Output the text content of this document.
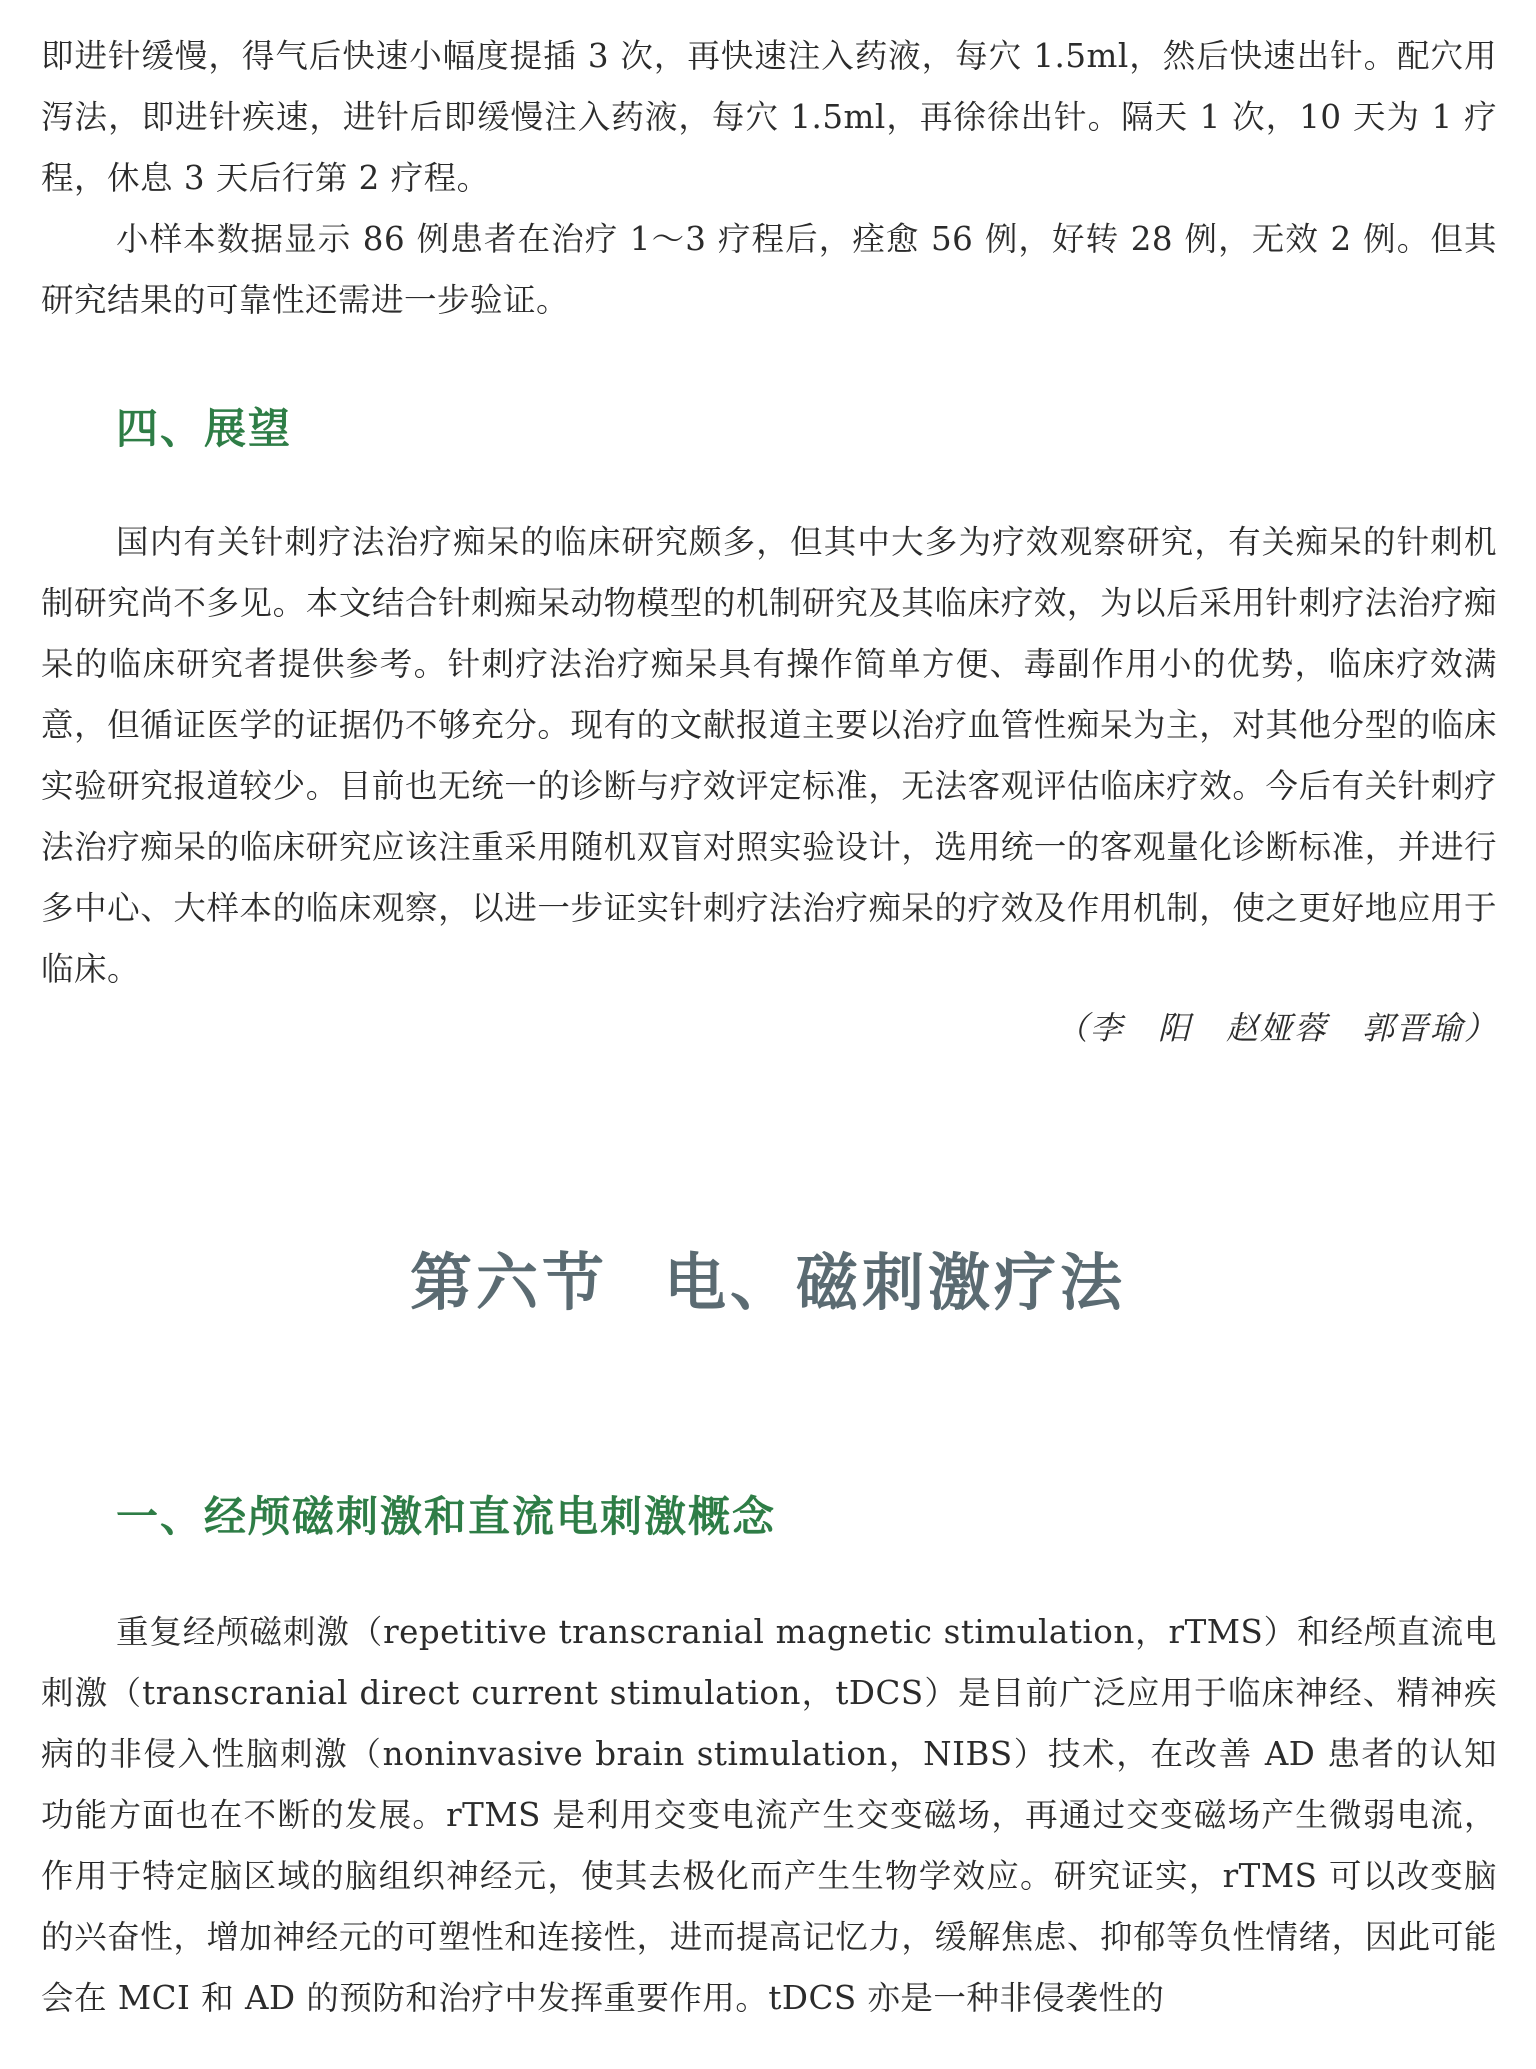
即进针缓慢，得气后快速小幅度提插 3 次，再快速注入药液，每穴 1.5ml，然后快速出针。配穴用泻法，即进针疾速，进针后即缓慢注入药液，每穴 1.5ml，再徐徐出针。隔天 1 次，10 天为 1 疗程，休息 3 天后行第 2 疗程。

小样本数据显示 86 例患者在治疗 1～3 疗程后，痊愈 56 例，好转 28 例，无效 2 例。但其研究结果的可靠性还需进一步验证。

四、展望

国内有关针刺疗法治疗痴呆的临床研究颇多，但其中大多为疗效观察研究，有关痴呆的针刺机制研究尚不多见。本文结合针刺痴呆动物模型的机制研究及其临床疗效，为以后采用针刺疗法治疗痴呆的临床研究者提供参考。针刺疗法治疗痴呆具有操作简单方便、毒副作用小的优势，临床疗效满意，但循证医学的证据仍不够充分。现有的文献报道主要以治疗血管性痴呆为主，对其他分型的临床实验研究报道较少。目前也无统一的诊断与疗效评定标准，无法客观评估临床疗效。今后有关针刺疗法治疗痴呆的临床研究应该注重采用随机双盲对照实验设计，选用统一的客观量化诊断标准，并进行多中心、大样本的临床观察，以进一步证实针刺疗法治疗痴呆的疗效及作用机制，使之更好地应用于临床。

（李　阳　赵娅蓉　郭晋瑜）

第六节 电、磁刺激疗法
一、经颅磁刺激和直流电刺激概念

重复经颅磁刺激（repetitive transcranial magnetic stimulation，rTMS）和经颅直流电刺激（transcranial direct current stimulation，tDCS）是目前广泛应用于临床神经、精神疾病的非侵入性脑刺激（noninvasive brain stimulation，NIBS）技术，在改善 AD 患者的认知功能方面也在不断的发展。rTMS 是利用交变电流产生交变磁场，再通过交变磁场产生微弱电流，作用于特定脑区域的脑组织神经元，使其去极化而产生生物学效应。研究证实，rTMS 可以改变脑的兴奋性，增加神经元的可塑性和连接性，进而提高记忆力，缓解焦虑、抑郁等负性情绪，因此可能会在 MCI 和 AD 的预防和治疗中发挥重要作用。tDCS 亦是一种非侵袭性的
